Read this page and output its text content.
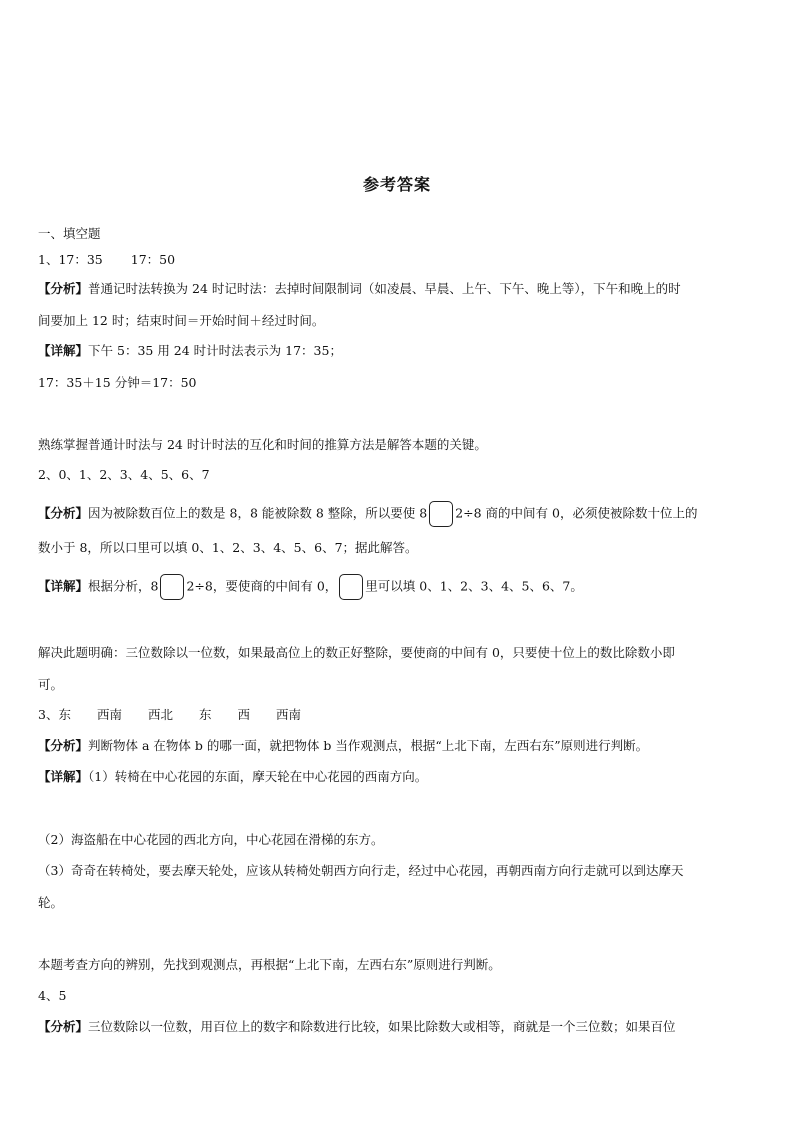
参考答案
一、填空题
1、17：35 17：50
【分析】普通记时法转换为 24 时记时法：去掉时间限制词（如凌晨、早晨、上午、下午、晚上等），下午和晚上的时
间要加上 12 时；结束时间＝开始时间＋经过时间。
【详解】下午 5：35 用 24 时计时法表示为 17：35；
17：35＋15 分钟＝17：50
熟练掌握普通计时法与 24 时计时法的互化和时间的推算方法是解答本题的关键。
2、0、1、2、3、4、5、6、7
【分析】因为被除数百位上的数是 8，8 能被除数 8 整除，所以要使 8 2÷8 商的中间有 0，必须使被除数十位上的
数小于 8，所以口里可以填 0、1、2、3、4、5、6、7；据此解答。
【详解】根据分析，8 2÷8，要使商的中间有 0， 里可以填 0、1、2、3、4、5、6、7。
解决此题明确：三位数除以一位数，如果最高位上的数正好整除，要使商的中间有 0，只要使十位上的数比除数小即
可。
3、东 西南 西北 东 西 西南
【分析】判断物体 a 在物体 b 的哪一面，就把物体 b 当作观测点，根据“上北下南，左西右东”原则进行判断。
【详解】（1）转椅在中心花园的东面，摩天轮在中心花园的西南方向。
（2）海盗船在中心花园的西北方向，中心花园在滑梯的东方。
（3）奇奇在转椅处，要去摩天轮处，应该从转椅处朝西方向行走，经过中心花园，再朝西南方向行走就可以到达摩天
轮。
本题考查方向的辨别，先找到观测点，再根据“上北下南，左西右东”原则进行判断。
4、5
【分析】三位数除以一位数，用百位上的数字和除数进行比较，如果比除数大或相等，商就是一个三位数；如果百位
